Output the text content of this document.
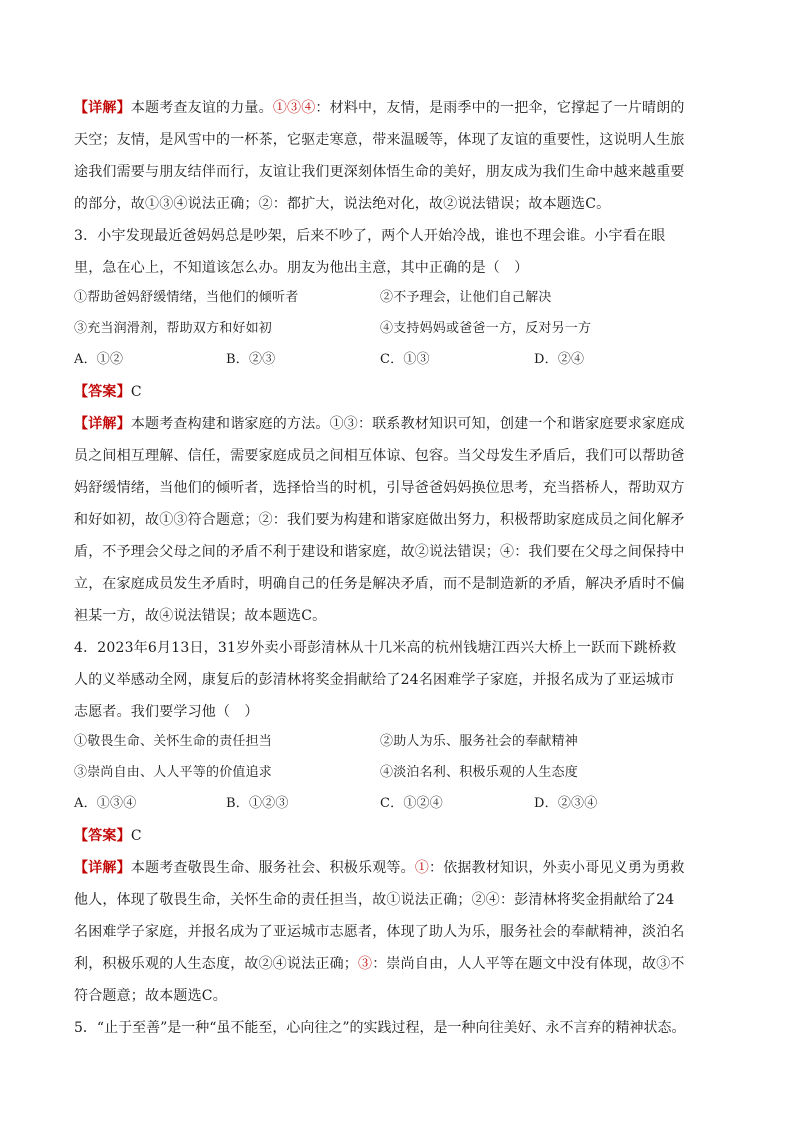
【详解】本题考查友谊的力量。①③④：材料中，友情，是雨季中的一把伞，它撑起了一片晴朗的
天空；友情，是风雪中的一杯茶，它驱走寒意，带来温暖等，体现了友谊的重要性，这说明人生旅
途我们需要与朋友结伴而行，友谊让我们更深刻体悟生命的美好，朋友成为我们生命中越来越重要
的部分，故①③④说法正确；②：都扩大，说法绝对化，故②说法错误；故本题选C。
3．小宇发现最近爸妈妈总是吵架，后来不吵了，两个人开始冷战，谁也不理会谁。小宇看在眼
里，急在心上，不知道该怎么办。朋友为他出主意，其中正确的是（　）
①帮助爸妈舒缓情绪，当他们的倾听者	②不予理会，让他们自己解决
③充当润滑剂，帮助双方和好如初	④支持妈妈或爸爸一方，反对另一方
A．①②	B．②③	C．①③	D．②④
【答案】C
【详解】本题考查构建和谐家庭的方法。①③：联系教材知识可知，创建一个和谐家庭要求家庭成
员之间相互理解、信任，需要家庭成员之间相互体谅、包容。当父母发生矛盾后，我们可以帮助爸
妈舒缓情绪，当他们的倾听者，选择恰当的时机，引导爸爸妈妈换位思考，充当搭桥人，帮助双方
和好如初，故①③符合题意；②：我们要为构建和谐家庭做出努力，积极帮助家庭成员之间化解矛
盾，不予理会父母之间的矛盾不利于建设和谐家庭，故②说法错误；④：我们要在父母之间保持中
立，在家庭成员发生矛盾时，明确自己的任务是解决矛盾，而不是制造新的矛盾，解决矛盾时不偏
袒某一方，故④说法错误；故本题选C。
4．2023年6月13日，31岁外卖小哥彭清林从十几米高的杭州钱塘江西兴大桥上一跃而下跳桥救
人的义举感动全网，康复后的彭清林将奖金捐献给了24名困难学子家庭，并报名成为了亚运城市
志愿者。我们要学习他（　）
①敬畏生命、关怀生命的责任担当	②助人为乐、服务社会的奉献精神
③崇尚自由、人人平等的价值追求	④淡泊名利、积极乐观的人生态度
A．①③④	B．①②③	C．①②④	D．②③④
【答案】C
【详解】本题考查敬畏生命、服务社会、积极乐观等。①：依据教材知识，外卖小哥见义勇为勇救
他人，体现了敬畏生命，关怀生命的责任担当，故①说法正确；②④：彭清林将奖金捐献给了24
名困难学子家庭，并报名成为了亚运城市志愿者，体现了助人为乐，服务社会的奉献精神，淡泊名
利，积极乐观的人生态度，故②④说法正确；③：崇尚自由，人人平等在题文中没有体现，故③不
符合题意；故本题选C。
5．“止于至善”是一种“虽不能至，心向往之”的实践过程，是一种向往美好、永不言弃的精神状态。
